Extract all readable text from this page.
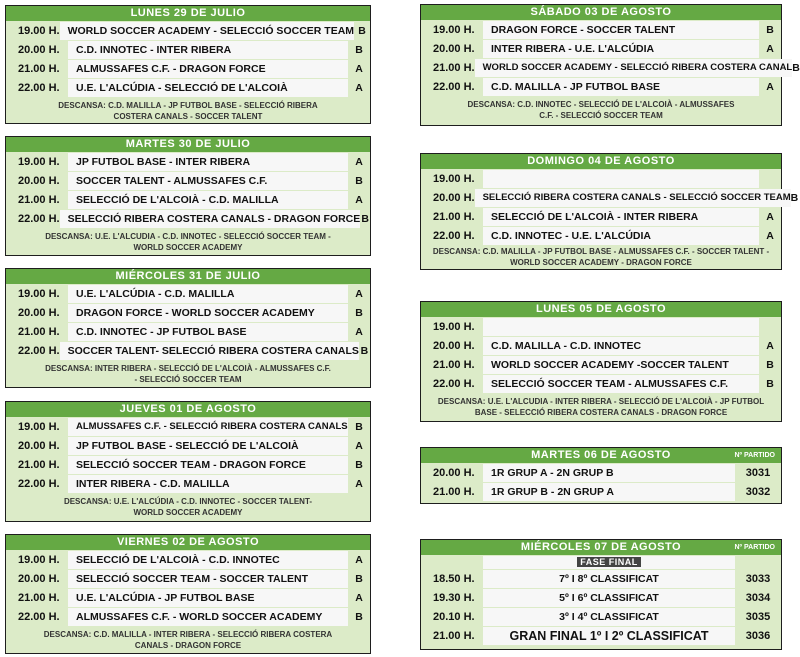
LUNES 29 DE JULIO
19.00 H. WORLD SOCCER ACADEMY - SELECCIÓ SOCCER TEAM B
20.00 H.	C.D. INNOTEC - INTER RIBERA	B
21.00 H.	ALMUSSAFES C.F. - DRAGON FORCE	A
22.00 H.	U.E. L'ALCÚDIA - SELECCIÓ DE L'ALCOIÀ	A
DESCANSA: C.D. MALILLA - JP FUTBOL BASE - SELECCIÓ RIBERA
COSTERA CANALS - SOCCER TALENT
MARTES 30 DE JULIO
19.00 H.	JP FUTBOL BASE - INTER RIBERA	A
20.00 H.	SOCCER TALENT - ALMUSSAFES C.F.	B
21.00 H.	SELECCIÓ DE L'ALCOIÀ - C.D. MALILLA	A
22.00 H. SELECCIÓ RIBERA COSTERA CANALS - DRAGON FORCE B
DESCANSA: U.E. L'ALCUDIA - C.D. INNOTEC - SELECCIÓ SOCCER TEAM -
WORLD SOCCER ACADEMY
MIÉRCOLES 31 DE JULIO
19.00 H.	U.E. L'ALCÚDIA - C.D. MALILLA	A
20.00 H.	DRAGON FORCE - WORLD SOCCER ACADEMY	B
21.00 H.	C.D. INNOTEC - JP FUTBOL BASE	A
22.00 H. SOCCER TALENT- SELECCIÓ RIBERA COSTERA CANALS B
DESCANSA: INTER RIBERA - SELECCIÓ DE L'ALCOIÀ - ALMUSSAFES C.F.
- SELECCIÓ SOCCER TEAM
JUEVES 01 DE AGOSTO
19.00 H.	ALMUSSAFES C.F. - SELECCIÓ RIBERA COSTERA CANALS B
20.00 H.	JP FUTBOL BASE - SELECCIÓ DE L'ALCOIÀ	A
21.00 H.	SELECCIÓ SOCCER TEAM - DRAGON FORCE	B
22.00 H.	INTER RIBERA - C.D. MALILLA	A
DESCANSA: U.E. L'ALCÚDIA - C.D. INNOTEC - SOCCER TALENT-
WORLD SOCCER ACADEMY
VIERNES 02 DE AGOSTO
19.00 H.	SELECCIÓ DE L'ALCOIÀ - C.D. INNOTEC	A
20.00 H.	SELECCIÓ SOCCER TEAM - SOCCER TALENT	B
21.00 H.	U.E. L'ALCÚDIA - JP FUTBOL BASE	A
22.00 H.	ALMUSSAFES C.F. - WORLD SOCCER ACADEMY	B
DESCANSA: C.D. MALILLA - INTER RIBERA - SELECCIÓ RIBERA COSTERA
CANALS - DRAGON FORCE
SÁBADO 03 DE AGOSTO
19.00 H.	DRAGON FORCE - SOCCER TALENT	B
20.00 H.	INTER RIBERA - U.E. L'ALCÚDIA	A
21.00 H. WORLD SOCCER ACADEMY - SELECCIÓ RIBERA COSTERA CANAL B
22.00 H.	C.D. MALILLA - JP FUTBOL BASE	A
DESCANSA: C.D. INNOTEC - SELECCIÓ DE L'ALCOIÀ - ALMUSSAFES
C.F. - SELECCIÓ SOCCER TEAM
DOMINGO 04 DE AGOSTO
19.00 H.
20.00 H. SELECCIÓ RIBERA COSTERA CANALS - SELECCIÓ SOCCER TEAM B
21.00 H.	SELECCIÓ DE L'ALCOIÀ - INTER RIBERA	A
22.00 H.	C.D. INNOTEC - U.E. L'ALCÚDIA	A
DESCANSA: C.D. MALILLA - JP FUTBOL BASE - ALMUSSAFES C.F. - SOCCER TALENT -
WORLD SOCCER ACADEMY - DRAGON FORCE
LUNES 05 DE AGOSTO
19.00 H.
20.00 H.	C.D. MALILLA - C.D. INNOTEC	A
21.00 H.	WORLD SOCCER ACADEMY -SOCCER TALENT	B
22.00 H.	SELECCIÓ SOCCER TEAM - ALMUSSAFES C.F.	B
DESCANSA: U.E. L'ALCUDIA - INTER RIBERA - SELECCIÓ DE L'ALCOIÀ - JP FUTBOL
BASE - SELECCIÓ RIBERA COSTERA CANALS - DRAGON FORCE
MARTES 06 DE AGOSTO	Nº PARTIDO
20.00 H.	1R GRUP A - 2N GRUP B	3031
21.00 H.	1R GRUP B - 2N GRUP A	3032
MIÉRCOLES 07 DE AGOSTO	Nº PARTIDO
FASE FINAL
18.50 H.	7º I 8º CLASSIFICAT	3033
19.30 H.	5º I 6º CLASSIFICAT	3034
20.10 H.	3º I 4º CLASSIFICAT	3035
21.00 H.	GRAN FINAL 1º I 2º CLASSIFICAT	3036
